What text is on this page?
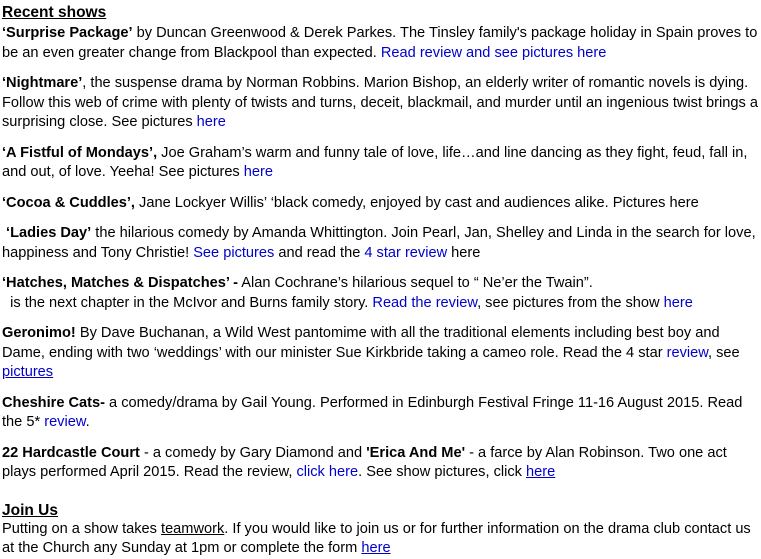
Recent shows

‘Surprise Package’ by Duncan Greenwood & Derek Parkes. The Tinsley family's package holiday in Spain proves to be an even greater change from Blackpool than expected. Read review and see pictures here

‘Nightmare’, the suspense drama by Norman Robbins. Marion Bishop, an elderly writer of romantic novels is dying. Follow this web of crime with plenty of twists and turns, deceit, blackmail, and murder until an ingenious twist brings a surprising close. See pictures here

‘A Fistful of Mondays’, Joe Graham’s warm and funny tale of love, life…and line dancing as they fight, feud, fall in, and out, of love. Yeeha! See pictures here

‘Cocoa & Cuddles’, Jane Lockyer Willis’ ‘black comedy, enjoyed by cast and audiences alike. Pictures here

‘Ladies Day’ the hilarious comedy by Amanda Whittington. Join Pearl, Jan, Shelley and Linda in the search for love, happiness and Tony Christie! See pictures and read the 4 star review here

‘Hatches, Matches & Dispatches’ - Alan Cochrane’s hilarious sequel to “ Ne’er the Twain”.
is the next chapter in the McIvor and Burns family story. Read the review, see pictures from the show here

Geronimo! By Dave Buchanan, a Wild West pantomime with all the traditional elements including best boy and Dame, ending with two ‘weddings’ with our minister Sue Kirkbride taking a cameo role. Read the 4 star review, see pictures

Cheshire Cats- a comedy/drama by Gail Young. Performed in Edinburgh Festival Fringe 11-16 August 2015. Read the 5* review.

22 Hardcastle Court - a comedy by Gary Diamond and 'Erica And Me' - a farce by Alan Robinson. Two one act plays performed April 2015. Read the review, click here. See show pictures, click here

Join Us

Putting on a show takes teamwork. If you would like to join us or for further information on the drama club contact us at the Church any Sunday at 1pm or complete the form here
